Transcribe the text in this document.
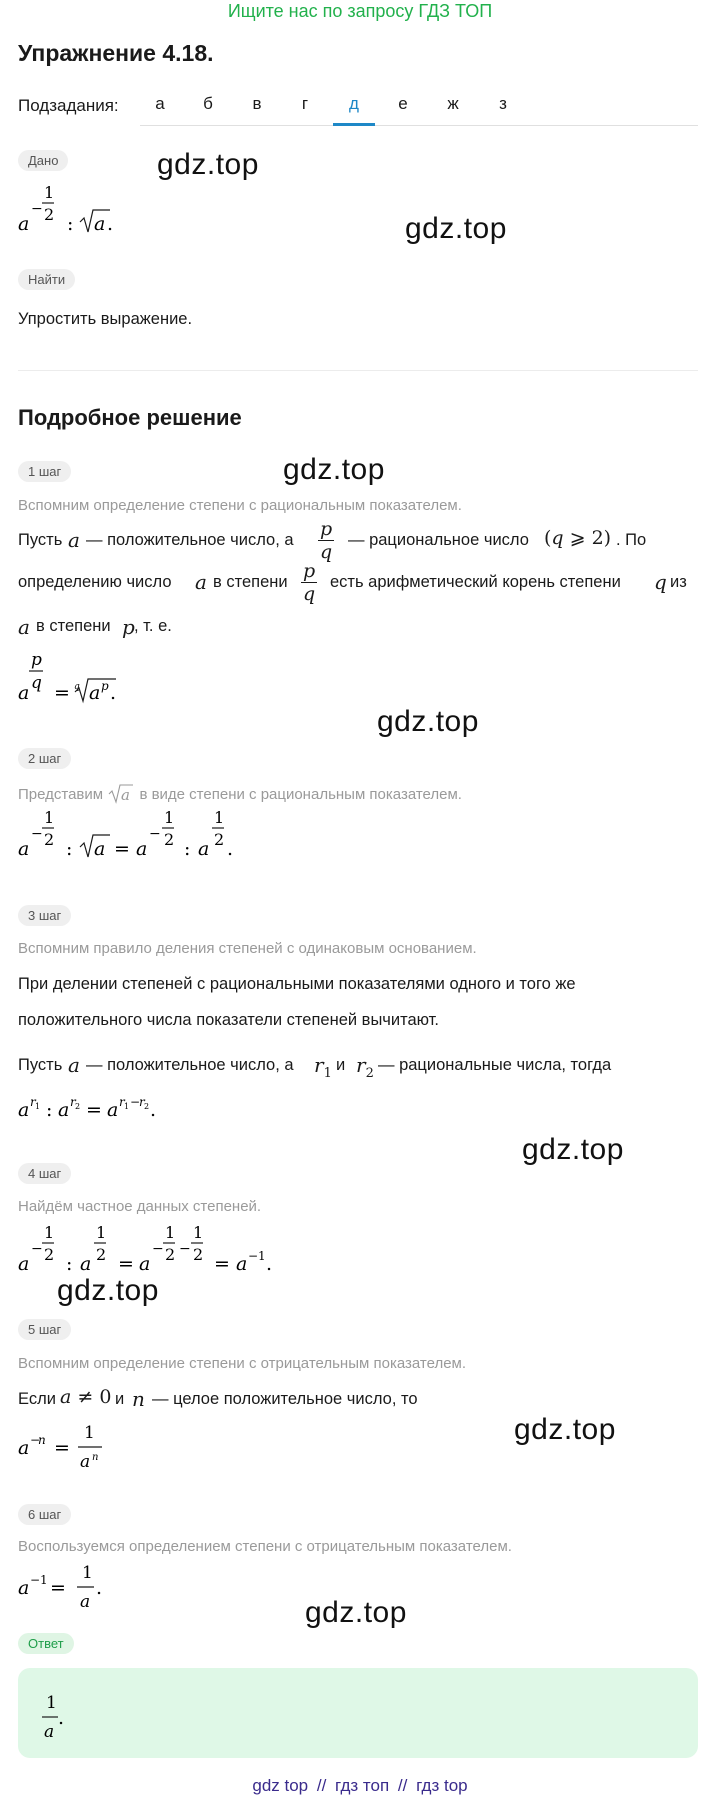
Ищите нас по запросу ГДЗ ТОП
Упражнение 4.18.
Подзадания:	а	б	в	г	д	е	ж	з
Дано	gdz.top
a
−
1
2 : a .	gdz.top
Найти
Упростить выражение.
Подробное решение
1 шаг	gdz.top
Вспомним определение степени с рациональным показателем.
Пусть a — положительное число, а $\frac{p}{q}$ — рациональное число (q ⩾ 2) . По
определению число a в степени $\frac{p}{q}$ есть арифметический корень степени q из
a в степени p , т. е.
a
p
q = q a p .
gdz.top
2 шаг
Представим a в виде степени с рациональным показателем.
a
−
1
2 : a = a
−
1
2 : a
1
2 .
3 шаг
Вспомним правило деления степеней с одинаковым основанием.
При делении степеней с рациональными показателями одного и того же
положительного числа показатели степеней вычитают.
Пусть a — положительное число, а $r_1$ и $r_2$ — рациональные числа, тогда
a r 1 : a r 2 = a r 1 −
r 2 .
gdz.top
4 шаг
Найдём частное данных степеней.
a
−
1
2 : a
1
2 = a
−
1
2 −
1
2 = a −1 .
gdz.top
5 шаг
Вспомним определение степени с отрицательным показателем.
Если a ≠ 0 и n — целое положительное число, то
a −
n =
1
a n
gdz.top
6 шаг
Воспользуемся определением степени с отрицательным показателем.
a −1 =
1
a
.
gdz.top
Ответ
1
a
.
gdz top // гдз топ // гдз top
